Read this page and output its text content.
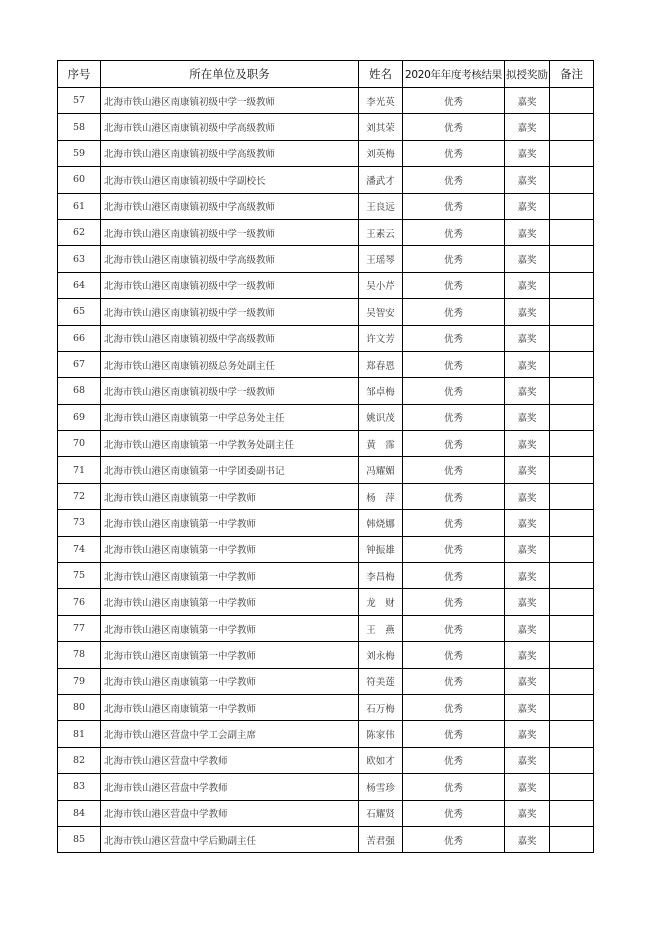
序号	所在单位及职务	姓名	2020年年度考核结果	拟授奖励	备注
57	北海市铁山港区南康镇初级中学一级教师	李光英	优秀	嘉奖	
58	北海市铁山港区南康镇初级中学高级教师	刘其荣	优秀	嘉奖	
59	北海市铁山港区南康镇初级中学高级教师	刘英梅	优秀	嘉奖	
60	北海市铁山港区南康镇初级中学副校长	潘武才	优秀	嘉奖	
61	北海市铁山港区南康镇初级中学高级教师	王良远	优秀	嘉奖	
62	北海市铁山港区南康镇初级中学一级教师	王素云	优秀	嘉奖	
63	北海市铁山港区南康镇初级中学高级教师	王瑶琴	优秀	嘉奖	
64	北海市铁山港区南康镇初级中学一级教师	吴小芹	优秀	嘉奖	
65	北海市铁山港区南康镇初级中学一级教师	吴智安	优秀	嘉奖	
66	北海市铁山港区南康镇初级中学高级教师	许文芳	优秀	嘉奖	
67	北海市铁山港区南康镇初级总务处副主任	郑春恩	优秀	嘉奖	
68	北海市铁山港区南康镇初级中学一级教师	邹卓梅	优秀	嘉奖	
69	北海市铁山港区南康镇第一中学总务处主任	姚识茂	优秀	嘉奖	
70	北海市铁山港区南康镇第一中学教务处副主任	黄　霈	优秀	嘉奖	
71	北海市铁山港区南康镇第一中学团委副书记	冯耀媚	优秀	嘉奖	
72	北海市铁山港区南康镇第一中学教师	杨　萍	优秀	嘉奖	
73	北海市铁山港区南康镇第一中学教师	韩烧娜	优秀	嘉奖	
74	北海市铁山港区南康镇第一中学教师	钟振雄	优秀	嘉奖	
75	北海市铁山港区南康镇第一中学教师	李昌梅	优秀	嘉奖	
76	北海市铁山港区南康镇第一中学教师	龙　财	优秀	嘉奖	
77	北海市铁山港区南康镇第一中学教师	王　燕	优秀	嘉奖	
78	北海市铁山港区南康镇第一中学教师	刘永梅	优秀	嘉奖	
79	北海市铁山港区南康镇第一中学教师	符美莲	优秀	嘉奖	
80	北海市铁山港区南康镇第一中学教师	石万梅	优秀	嘉奖	
81	北海市铁山港区营盘中学工会副主席	陈家伟	优秀	嘉奖	
82	北海市铁山港区营盘中学教师	欧如才	优秀	嘉奖	
83	北海市铁山港区营盘中学教师	杨雪珍	优秀	嘉奖	
84	北海市铁山港区营盘中学教师	石耀贤	优秀	嘉奖	
85	北海市铁山港区营盘中学后勤副主任	苦君强	优秀	嘉奖	
